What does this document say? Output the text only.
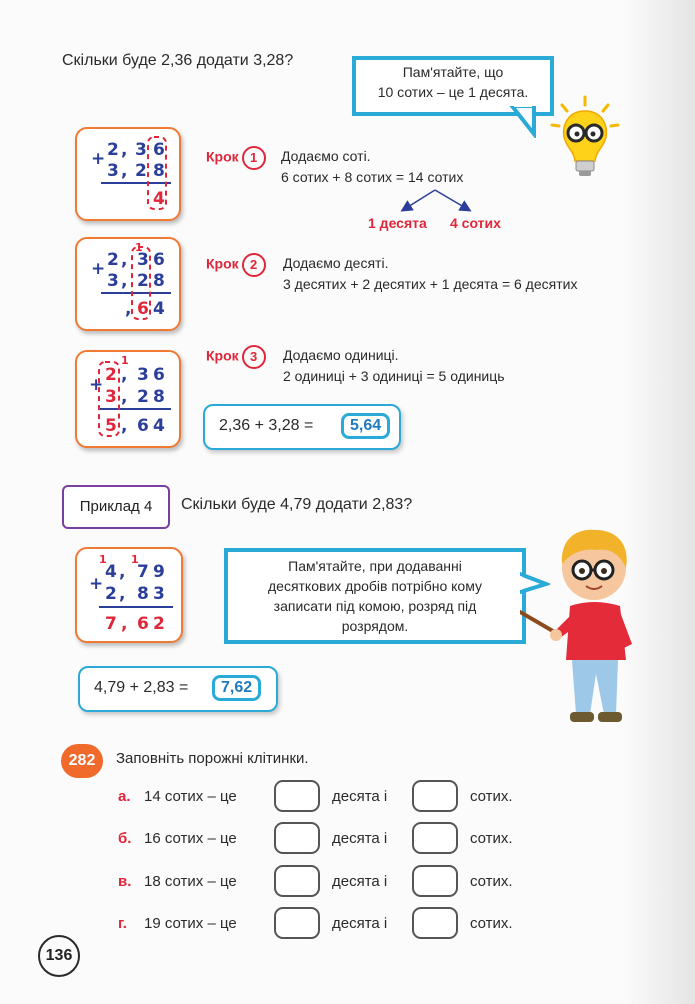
Скільки буде 2,36 додати 3,28?
Пам'ятайте, що
10 сотих – це 1 десята.
+ 2 , 3 6
3 , 2 8
4
1
+ 2 , 3 6
3 , 2 8
, 6 4
1
+ 2 , 3 6
3 , 2 8
5 , 6 4
Крок 1	Додаємо соті.
6 сотих + 8 сотих = 14 сотих
1 десята 4 сотих
Крок 2	Додаємо десяті.
3 десятих + 2 десятих + 1 десята = 6 десятих
Крок 3	Додаємо одиниці.
2 одиниці + 3 одиниці = 5 одиниць
2,36 + 3,28 =	5,64
Приклад 4	Скільки буде 4,79 додати 2,83?
1 1
4 , 7 9
+ 2 , 8 3
7 , 6 2
Пам'ятайте, при додаванні
десяткових дробів потрібно кому
записати під комою, розряд під
розрядом.
4,79 + 2,83 =	7,62
282	Заповніть порожні клітинки.
а. 14 сотих – це	десята і	сотих.
б. 16 сотих – це	десята і	сотих.
в. 18 сотих – це	десята і	сотих.
г. 19 сотих – це	десята і	сотих.
136
